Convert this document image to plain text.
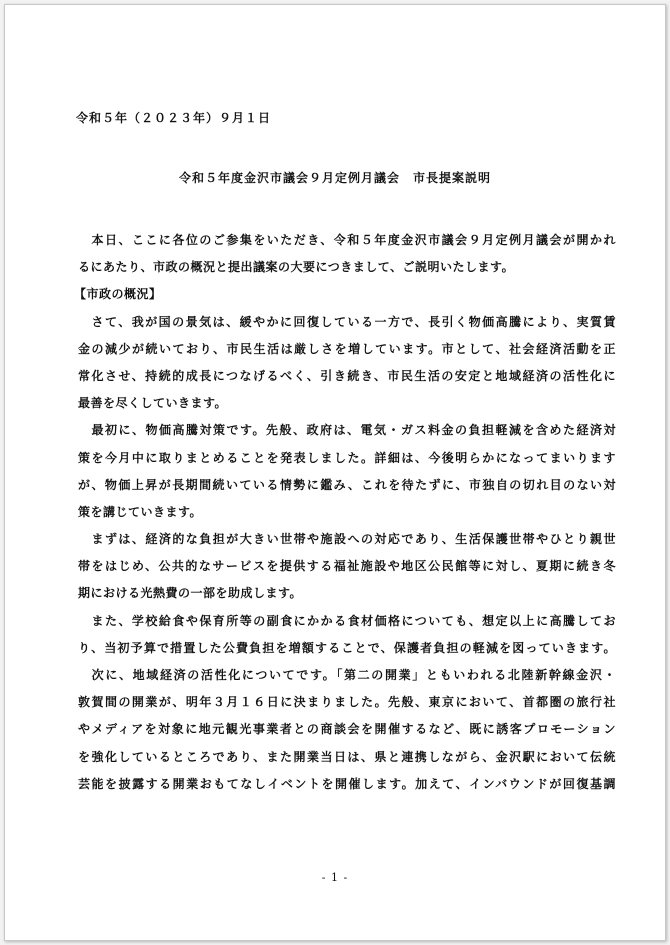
令和５年（２０２３年）９月１日
令和５年度金沢市議会９月定例月議会　市長提案説明
　本日、ここに各位のご参集をいただき、令和５年度金沢市議会９月定例月議会が開かれ
るにあたり、市政の概況と提出議案の大要につきまして、ご説明いたします。
【市政の概況】
　さて、我が国の景気は、緩やかに回復している一方で、長引く物価高騰により、実質賃
金の減少が続いており、市民生活は厳しさを増しています。市として、社会経済活動を正
常化させ、持続的成長につなげるべく、引き続き、市民生活の安定と地域経済の活性化に
最善を尽くしていきます。
　最初に、物価高騰対策です。先般、政府は、電気・ガス料金の負担軽減を含めた経済対
策を今月中に取りまとめることを発表しました。詳細は、今後明らかになってまいります
が、物価上昇が長期間続いている情勢に鑑み、これを待たずに、市独自の切れ目のない対
策を講じていきます。
　まずは、経済的な負担が大きい世帯や施設への対応であり、生活保護世帯やひとり親世
帯をはじめ、公共的なサービスを提供する福祉施設や地区公民館等に対し、夏期に続き冬
期における光熱費の一部を助成します。
　また、学校給食や保育所等の副食にかかる食材価格についても、想定以上に高騰してお
り、当初予算で措置した公費負担を増額することで、保護者負担の軽減を図っていきます。
　次に、地域経済の活性化についてです。「第二の開業」ともいわれる北陸新幹線金沢・
敦賀間の開業が、明年３月１６日に決まりました。先般、東京において、首都圏の旅行社
やメディアを対象に地元観光事業者との商談会を開催するなど、既に誘客プロモーション
を強化しているところであり、また開業当日は、県と連携しながら、金沢駅において伝統
芸能を披露する開業おもてなしイベントを開催します。加えて、インバウンドが回復基調
- 1 -
